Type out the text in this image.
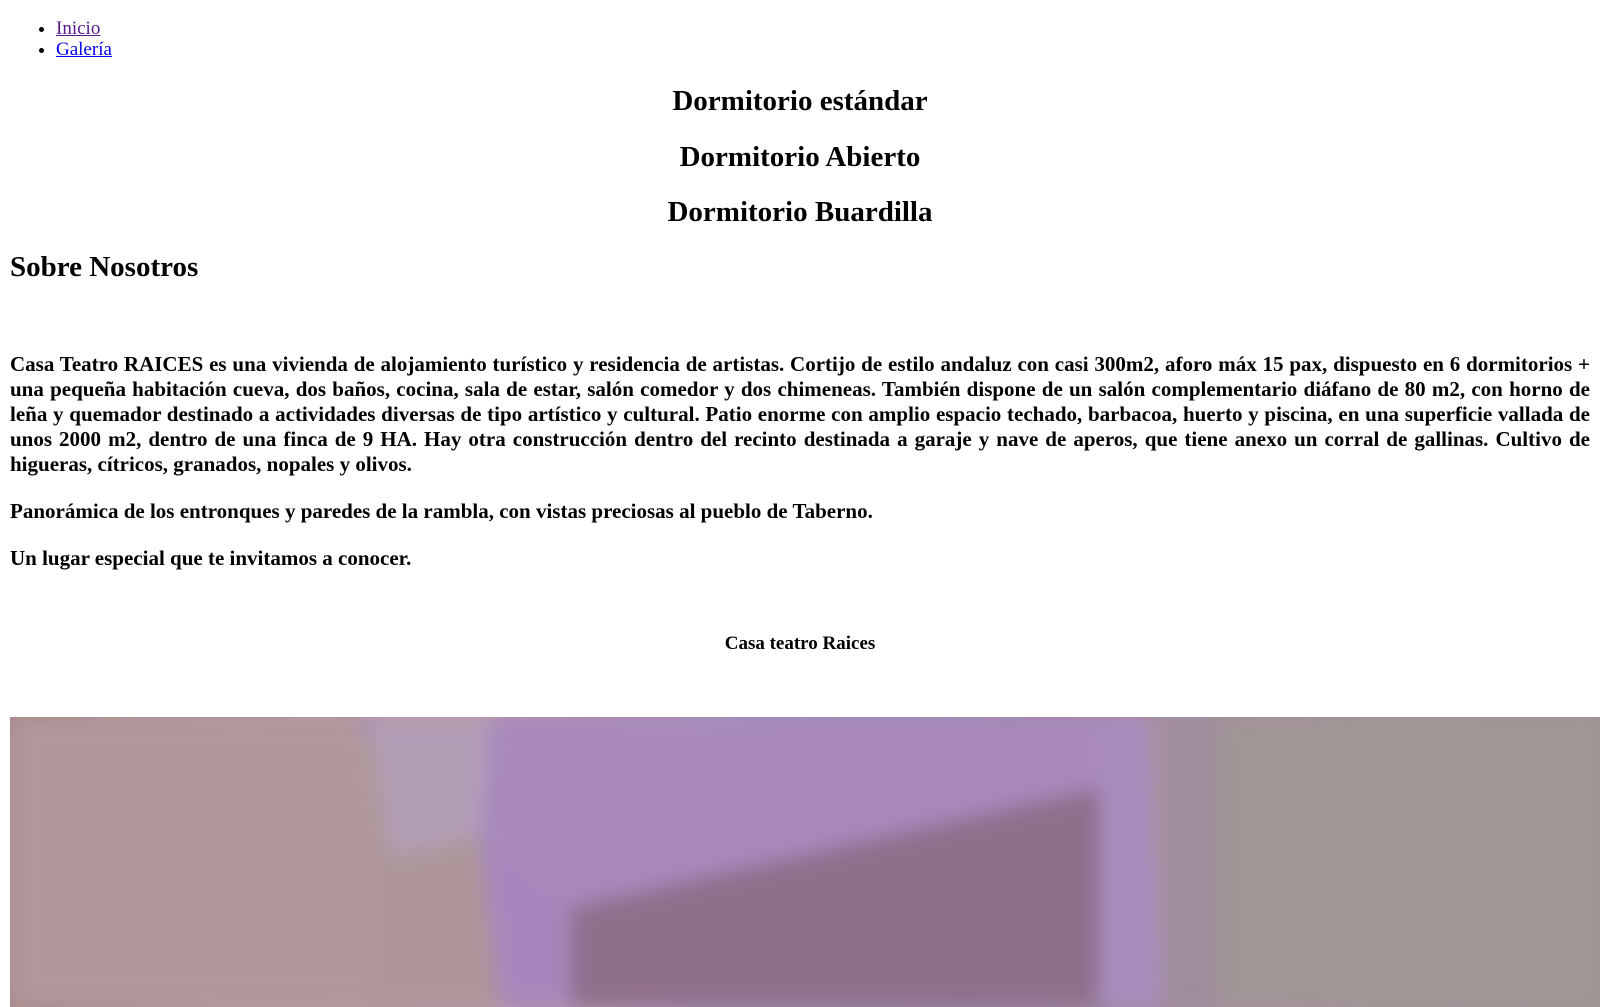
• Inicio
• Galería
Dormitorio estándar
Dormitorio Abierto
Dormitorio Buardilla
Sobre Nosotros

Casa Teatro RAICES es una vivienda de alojamiento turístico y residencia de artistas. Cortijo de estilo andaluz con casi 300m2, aforo máx 15 pax, dispuesto en 6 dormitorios + una pequeña habitación cueva, dos baños, cocina, sala de estar, salón comedor y dos chimeneas. También dispone de un salón complementario diáfano de 80 m2, con horno de leña y quemador destinado a actividades diversas de tipo artístico y cultural. Patio enorme con amplio espacio techado, barbacoa, huerto y piscina, en una superficie vallada de unos 2000 m2, dentro de una finca de 9 HA. Hay otra construcción dentro del recinto destinada a garaje y nave de aperos, que tiene anexo un corral de gallinas. Cultivo de higueras, cítricos, granados, nopales y olivos.

Panorámica de los entronques y paredes de la rambla, con vistas preciosas al pueblo de Taberno.

Un lugar especial que te invitamos a conocer.

Casa teatro Raices
